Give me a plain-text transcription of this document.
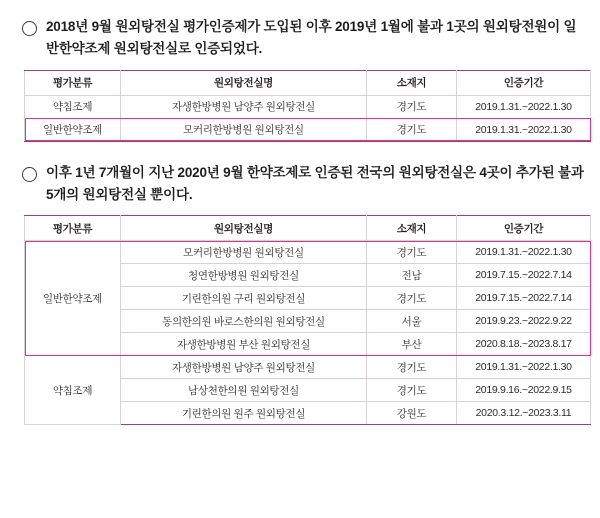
2018년 9월 원외탕전실 평가인증제가 도입된 이후 2019년 1월에 불과 1곳의 원외탕전원이 일반한약조제 원외탕전실로 인증되었다.
평가분류	원외탕전실명	소재지	인증기간
약침조제	자생한방병원 남양주 원외탕전실	경기도	2019.1.31.~2022.1.30
일반한약조제	모커리한방병원 원외탕전실	경기도	2019.1.31.~2022.1.30
이후 1년 7개월이 지난 2020년 9월 한약조제로 인증된 전국의 원외탕전실은 4곳이 추가된 불과 5개의 원외탕전실 뿐이다.
평가분류	원외탕전실명	소재지	인증기간
일반한약조제	모커리한방병원 원외탕전실	경기도	2019.1.31.~2022.1.30
	청연한방병원 원외탕전실	전남	2019.7.15.~2022.7.14
	기린한의원 구리 원외탕전실	경기도	2019.7.15.~2022.7.14
	동의한의원 바로스한의원 원외탕전실	서울	2019.9.23.~2022.9.22
	자생한방병원 부산 원외탕전실	부산	2020.8.18.~2023.8.17
약침조제	자생한방병원 남양주 원외탕전실	경기도	2019.1.31.~2022.1.30
	남상천한의원 원외탕전실	경기도	2019.9.16.~2022.9.15
	기린한의원 원주 원외탕전실	강원도	2020.3.12.~2023.3.11
